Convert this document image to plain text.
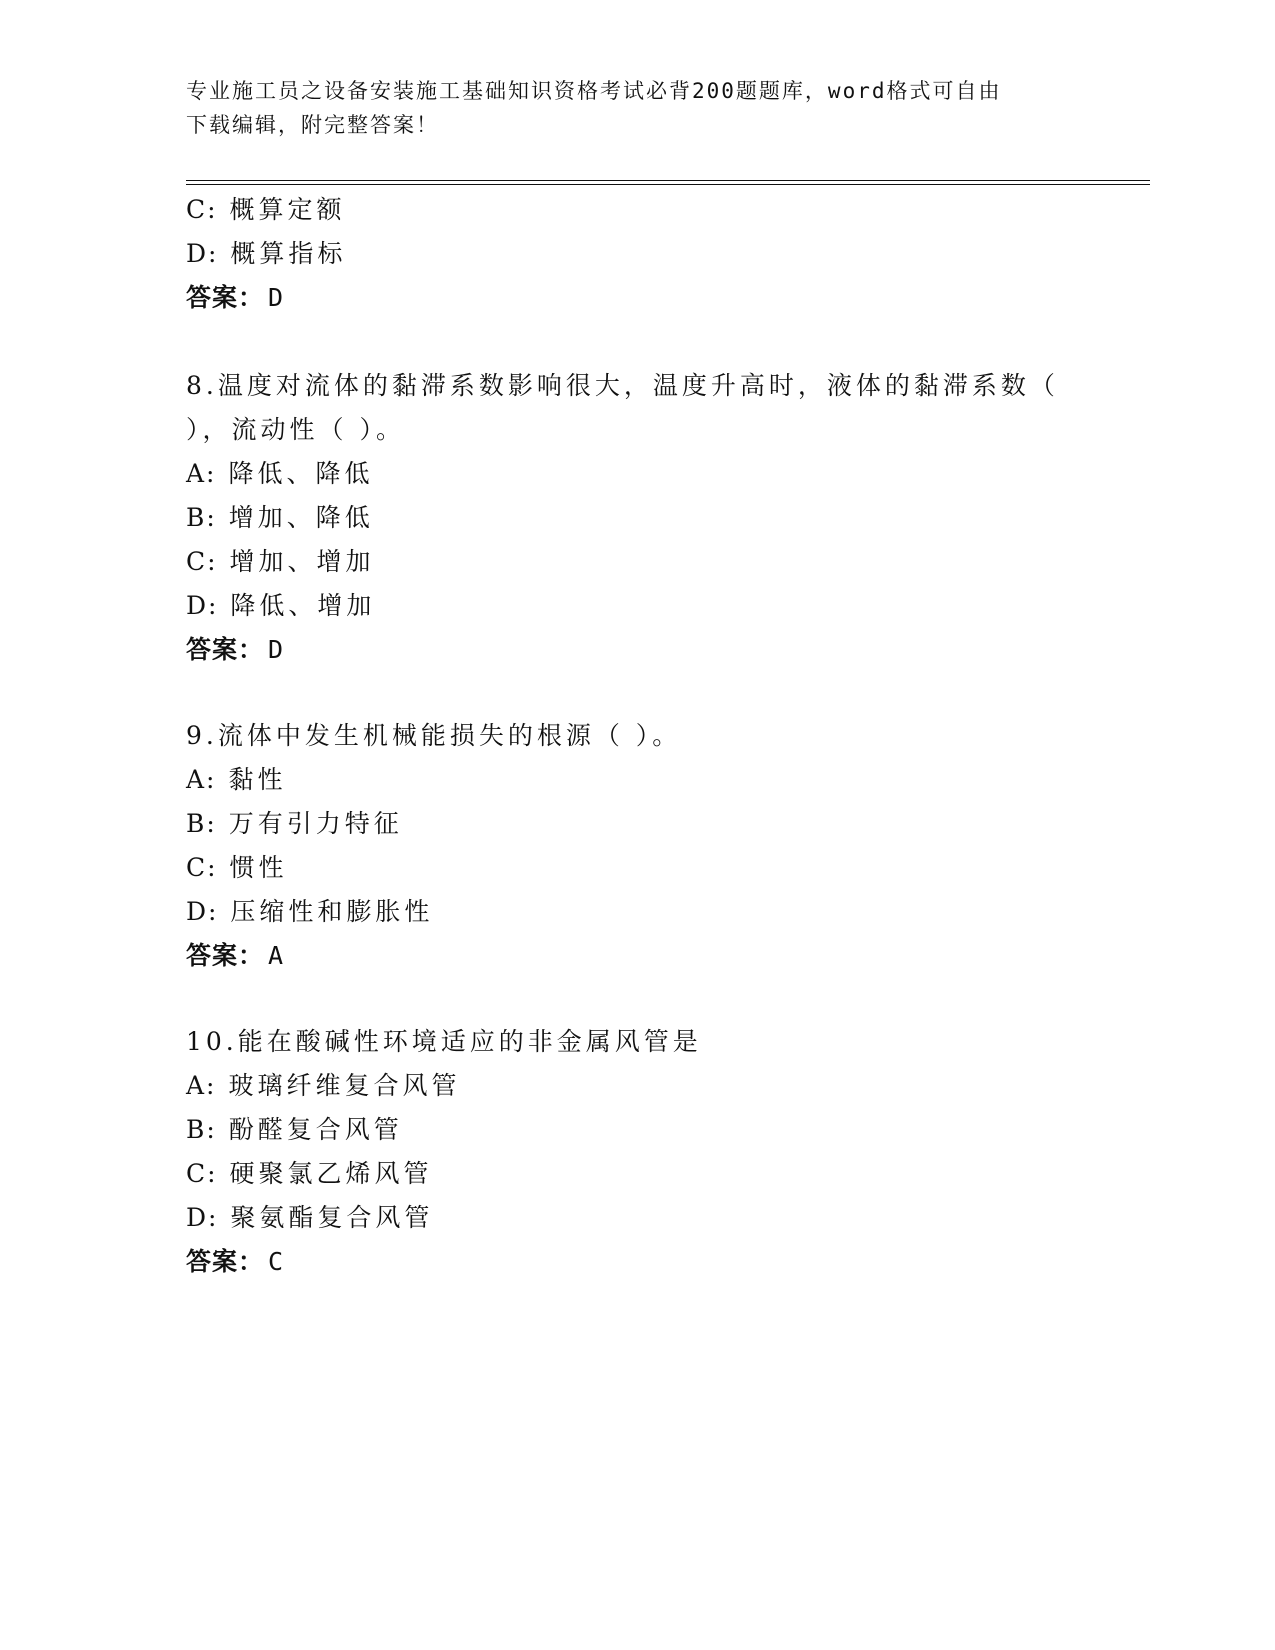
专业施工员之设备安装施工基础知识资格考试必背200题题库，word格式可自由
下载编辑，附完整答案！
C: 概算定额
D: 概算指标
答案： D
8.温度对流体的黏滞系数影响很大，温度升高时，液体的黏滞系数（
），流动性（ ）。
A: 降低、降低
B: 增加、降低
C: 增加、增加
D: 降低、增加
答案： D
9.流体中发生机械能损失的根源（ ）。
A: 黏性
B: 万有引力特征
C: 惯性
D: 压缩性和膨胀性
答案： A
10.能在酸碱性环境适应的非金属风管是
A: 玻璃纤维复合风管
B: 酚醛复合风管
C: 硬聚氯乙烯风管
D: 聚氨酯复合风管
答案： C
